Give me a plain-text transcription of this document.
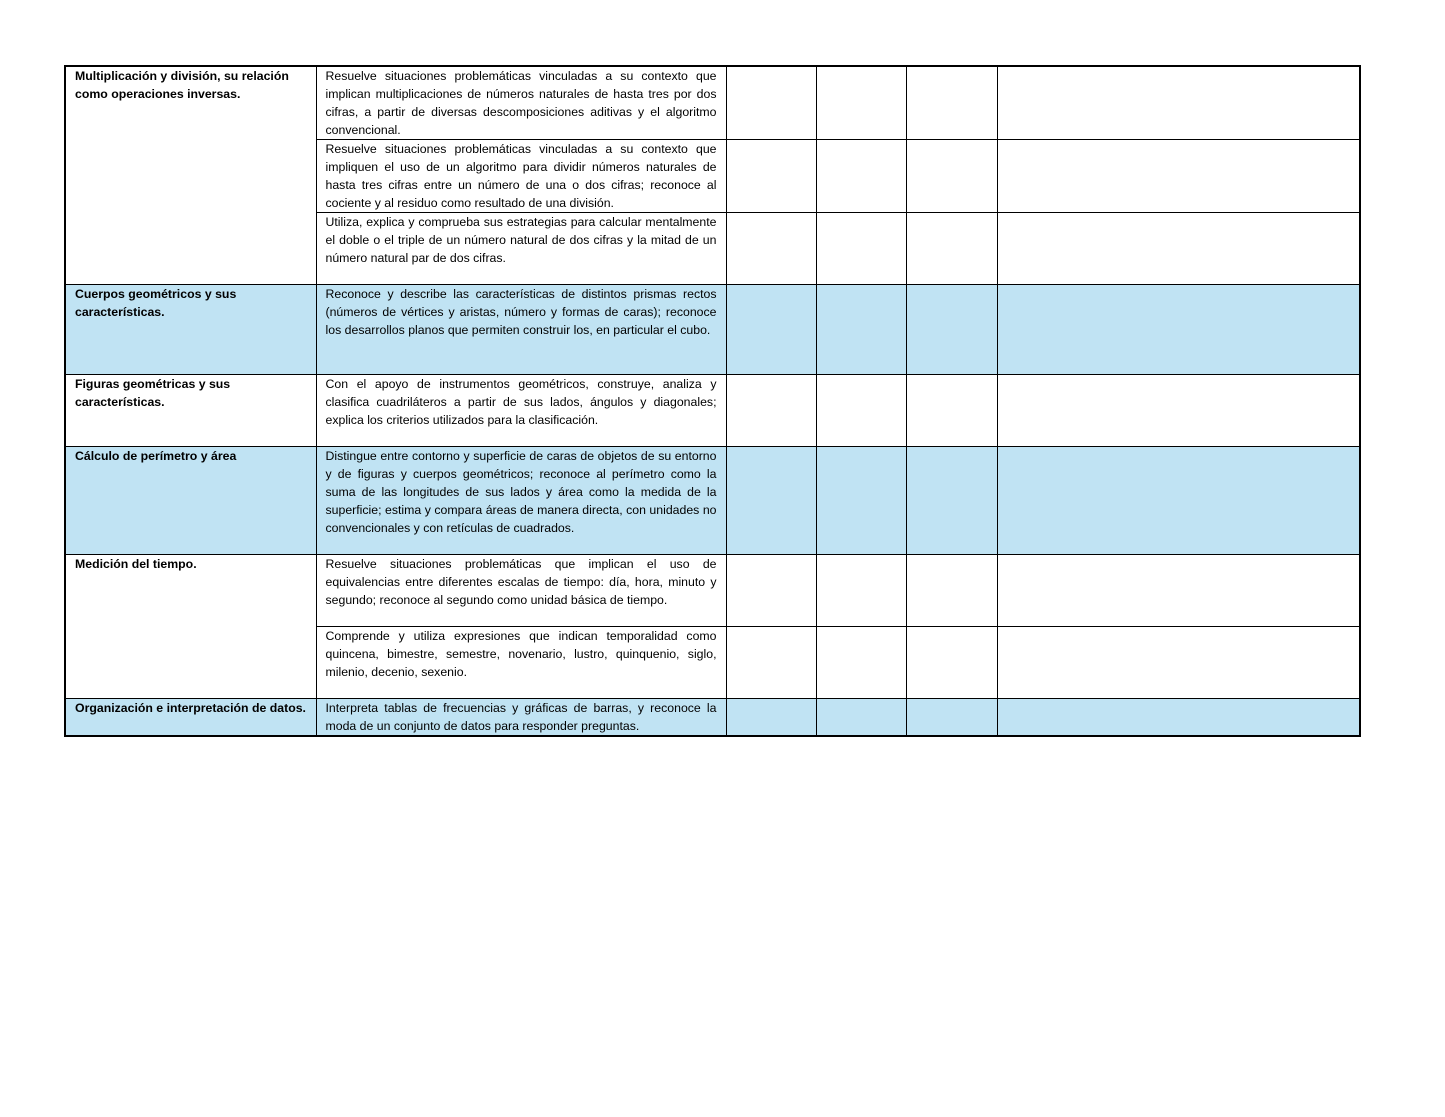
Multiplicación y división, su relación como operaciones inversas.	Resuelve situaciones problemáticas vinculadas a su contexto que implican multiplicaciones de números naturales de hasta tres por dos cifras, a partir de diversas descomposiciones aditivas y el algoritmo convencional.				
	Resuelve situaciones problemáticas vinculadas a su contexto que impliquen el uso de un algoritmo para dividir números naturales de hasta tres cifras entre un número de una o dos cifras; reconoce al cociente y al residuo como resultado de una división.				
	Utiliza, explica y comprueba sus estrategias para calcular mentalmente el doble o el triple de un número natural de dos cifras y la mitad de un número natural par de dos cifras.				
Cuerpos geométricos y sus características.	Reconoce y describe las características de distintos prismas rectos (números de vértices y aristas, número y formas de caras); reconoce los desarrollos planos que permiten construir los, en particular el cubo.				
Figuras geométricas y sus características.	Con el apoyo de instrumentos geométricos, construye, analiza y clasifica cuadriláteros a partir de sus lados, ángulos y diagonales; explica los criterios utilizados para la clasificación.				
Cálculo de perímetro y área	Distingue entre contorno y superficie de caras de objetos de su entorno y de figuras y cuerpos geométricos; reconoce al perímetro como la suma de las longitudes de sus lados y área como la medida de la superficie; estima y compara áreas de manera directa, con unidades no convencionales y con retículas de cuadrados.				
Medición del tiempo.	Resuelve situaciones problemáticas que implican el uso de equivalencias entre diferentes escalas de tiempo: día, hora, minuto y segundo; reconoce al segundo como unidad básica de tiempo.				
	Comprende y utiliza expresiones que indican temporalidad como quincena, bimestre, semestre, novenario, lustro, quinquenio, siglo, milenio, decenio, sexenio.				
Organización e interpretación de datos.	Interpreta tablas de frecuencias y gráficas de barras, y reconoce la moda de un conjunto de datos para responder preguntas.				
